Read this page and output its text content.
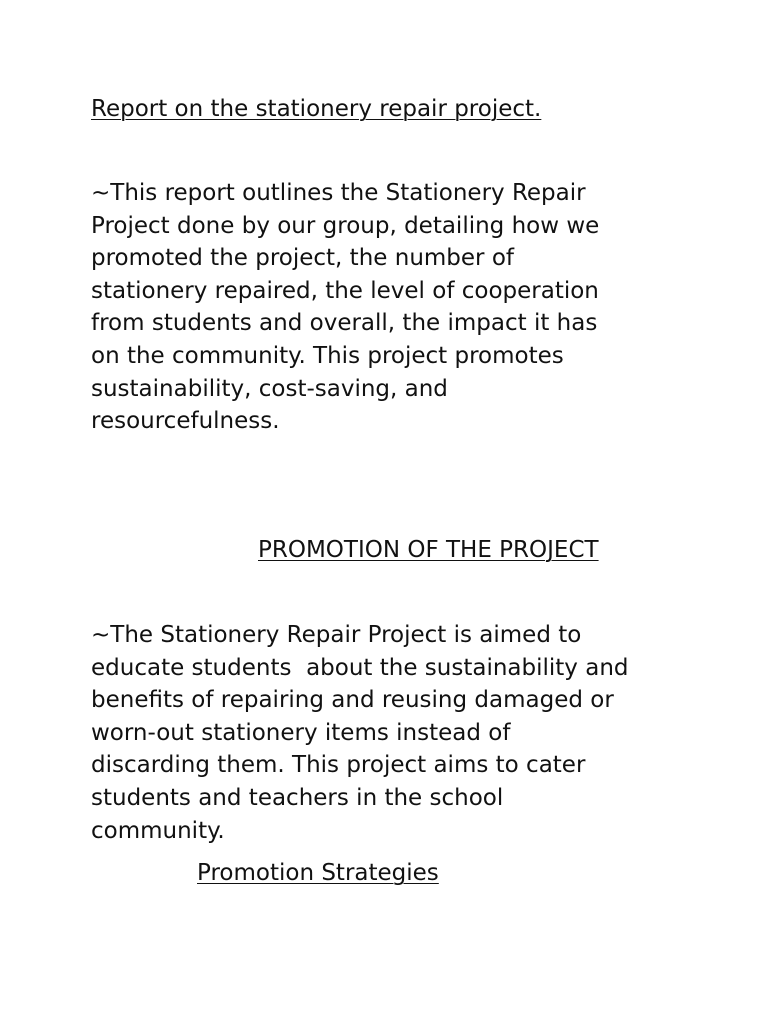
Report on the stationery repair project.

~This report outlines the Stationery Repair
Project done by our group, detailing how we
promoted the project, the number of
stationery repaired, the level of cooperation
from students and overall, the impact it has
on the community. This project promotes
sustainability, cost-saving, and
resourcefulness.

PROMOTION OF THE PROJECT

~The Stationery Repair Project is aimed to
educate students  about the sustainability and
benefits of repairing and reusing damaged or
worn-out stationery items instead of
discarding them. This project aims to cater
students and teachers in the school
community.

Promotion Strategies
